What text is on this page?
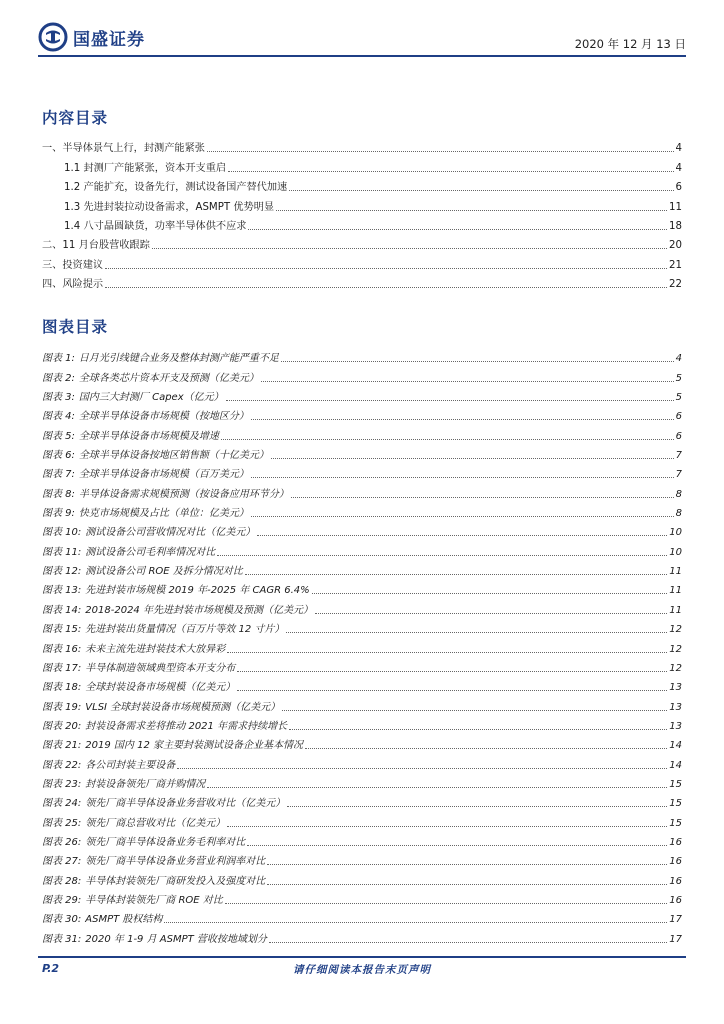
国盛证券	2020 年 12 月 13 日
内容目录
一、半导体景气上行，封测产能紧张	4
1.1 封测厂产能紧张，资本开支重启	4
1.2 产能扩充，设备先行，测试设备国产替代加速	6
1.3 先进封装拉动设备需求，ASMPT 优势明显	11
1.4 八寸晶圆缺货，功率半导体供不应求	18
二、11 月台股营收跟踪	20
三、投资建议	21
四、风险提示	22
图表目录
图表 1: 日月光引线键合业务及整体封测产能严重不足	4
图表 2: 全球各类芯片资本开支及预测（亿美元）	5
图表 3: 国内三大封测厂 Capex（亿元）	5
图表 4: 全球半导体设备市场规模（按地区分）	6
图表 5: 全球半导体设备市场规模及增速	6
图表 6: 全球半导体设备按地区销售额（十亿美元）	7
图表 7: 全球半导体设备市场规模（百万美元）	7
图表 8: 半导体设备需求规模预测（按设备应用环节分）	8
图表 9: 快克市场规模及占比（单位：亿美元）	8
图表 10: 测试设备公司营收情况对比（亿美元）	10
图表 11: 测试设备公司毛利率情况对比	10
图表 12: 测试设备公司 ROE 及拆分情况对比	11
图表 13: 先进封装市场规模 2019 年-2025 年 CAGR 6.4%	11
图表 14: 2018-2024 年先进封装市场规模及预测（亿美元）	11
图表 15: 先进封装出货量情况（百万片等效 12 寸片）	12
图表 16: 未来主流先进封装技术大放异彩	12
图表 17: 半导体制造领域典型资本开支分布	12
图表 18: 全球封装设备市场规模（亿美元）	13
图表 19: VLSI 全球封装设备市场规模预测（亿美元）	13
图表 20: 封装设备需求差将推动 2021 年需求持续增长	13
图表 21: 2019 国内 12 家主要封装测试设备企业基本情况	14
图表 22: 各公司封装主要设备	14
图表 23: 封装设备领先厂商并购情况	15
图表 24: 领先厂商半导体设备业务营收对比（亿美元）	15
图表 25: 领先厂商总营收对比（亿美元）	15
图表 26: 领先厂商半导体设备业务毛利率对比	16
图表 27: 领先厂商半导体设备业务营业利润率对比	16
图表 28: 半导体封装领先厂商研发投入及强度对比	16
图表 29: 半导体封装领先厂商 ROE 对比	16
图表 30: ASMPT 股权结构	17
图表 31: 2020 年 1-9 月 ASMPT 营收按地域划分	17
P.2	请仔细阅读本报告末页声明
